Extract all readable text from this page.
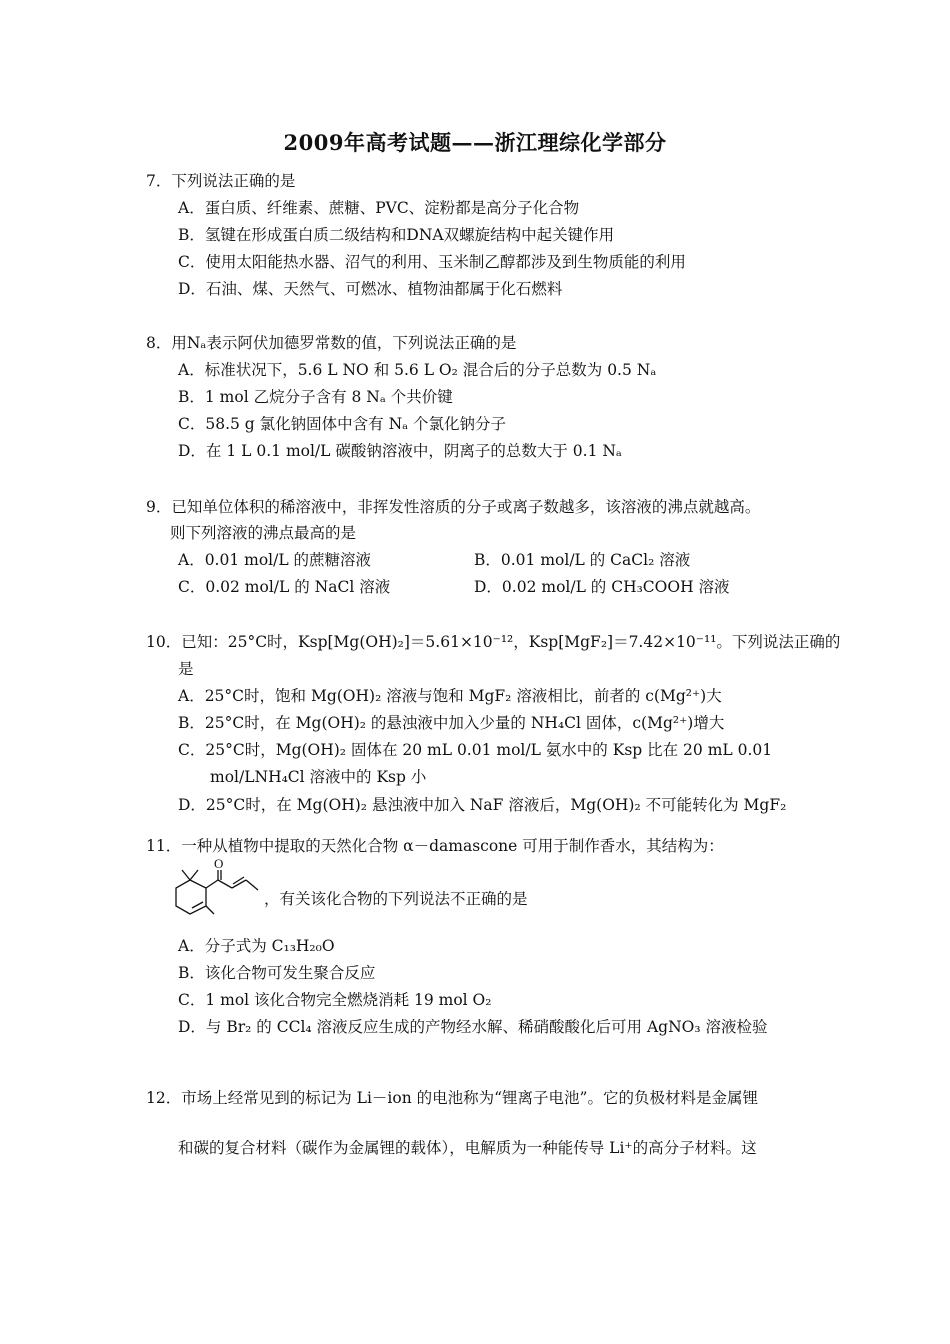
2009年高考试题——浙江理综化学部分
7．下列说法正确的是
A．蛋白质、纤维素、蔗糖、PVC、淀粉都是高分子化合物
B．氢键在形成蛋白质二级结构和DNA双螺旋结构中起关键作用
C．使用太阳能热水器、沼气的利用、玉米制乙醇都涉及到生物质能的利用
D．石油、煤、天然气、可燃冰、植物油都属于化石燃料
8．用Nₐ表示阿伏加德罗常数的值，下列说法正确的是
A．标准状况下，5.6 L NO 和 5.6 L O₂ 混合后的分子总数为 0.5 Nₐ
B．1 mol 乙烷分子含有 8 Nₐ 个共价键
C．58.5 g 氯化钠固体中含有 Nₐ 个氯化钠分子
D．在 1 L 0.1 mol/L 碳酸钠溶液中，阴离子的总数大于 0.1 Nₐ
9．已知单位体积的稀溶液中，非挥发性溶质的分子或离子数越多，该溶液的沸点就越高。
则下列溶液的沸点最高的是
A．0.01 mol/L 的蔗糖溶液	B．0.01 mol/L 的 CaCl₂ 溶液
C．0.02 mol/L 的 NaCl 溶液	D．0.02 mol/L 的 CH₃COOH 溶液
10．已知：25°C时，Ksp[Mg(OH)₂]＝5.61×10⁻¹²，Ksp[MgF₂]＝7.42×10⁻¹¹。下列说法正确的
是
A．25°C时，饱和 Mg(OH)₂ 溶液与饱和 MgF₂ 溶液相比，前者的 c(Mg²⁺)大
B．25°C时，在 Mg(OH)₂ 的悬浊液中加入少量的 NH₄Cl 固体，c(Mg²⁺)增大
C．25°C时，Mg(OH)₂ 固体在 20 mL 0.01 mol/L 氨水中的 Ksp 比在 20 mL 0.01
mol/LNH₄Cl 溶液中的 Ksp 小
D．25°C时，在 Mg(OH)₂ 悬浊液中加入 NaF 溶液后，Mg(OH)₂ 不可能转化为 MgF₂
11．一种从植物中提取的天然化合物 α－damascone 可用于制作香水，其结构为：
O
，有关该化合物的下列说法不正确的是
A．分子式为 C₁₃H₂₀O
B．该化合物可发生聚合反应
C．1 mol 该化合物完全燃烧消耗 19 mol O₂
D．与 Br₂ 的 CCl₄ 溶液反应生成的产物经水解、稀硝酸酸化后可用 AgNO₃ 溶液检验
12．市场上经常见到的标记为 Li－ion 的电池称为“锂离子电池”。它的负极材料是金属锂
和碳的复合材料（碳作为金属锂的载体），电解质为一种能传导 Li⁺的高分子材料。这
